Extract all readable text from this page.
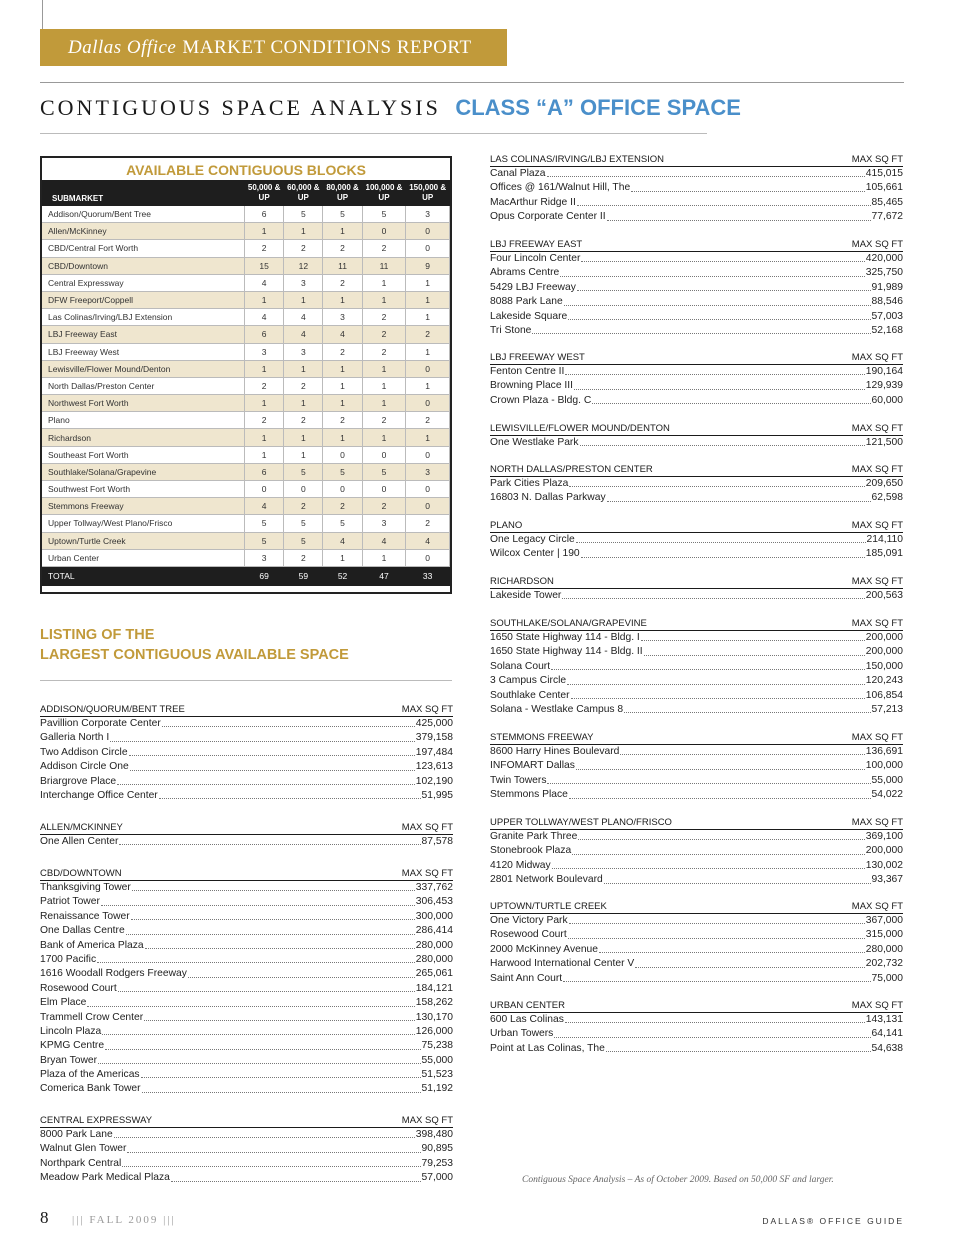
Dallas Office MARKET CONDITIONS REPORT
CONTIGUOUS SPACE ANALYSIS CLASS “A” OFFICE SPACE
AVAILABLE CONTIGUOUS BLOCKS
SUBMARKET	50,000 & UP	60,000 & UP	80,000 & UP	100,000 & UP	150,000 & UP
Addison/Quorum/Bent Tree	6	5	5	5	3
Allen/McKinney	1	1	1	0	0
CBD/Central Fort Worth	2	2	2	2	0
CBD/Downtown	15	12	11	11	9
Central Expressway	4	3	2	1	1
DFW Freeport/Coppell	1	1	1	1	1
Las Colinas/Irving/LBJ Extension	4	4	3	2	1
LBJ Freeway East	6	4	4	2	2
LBJ Freeway West	3	3	2	2	1
Lewisville/Flower Mound/Denton	1	1	1	1	0
North Dallas/Preston Center	2	2	1	1	1
Northwest Fort Worth	1	1	1	1	0
Plano	2	2	2	2	2
Richardson	1	1	1	1	1
Southeast Fort Worth	1	1	0	0	0
Southlake/Solana/Grapevine	6	5	5	5	3
Southwest Fort Worth	0	0	0	0	0
Stemmons Freeway	4	2	2	2	0
Upper Tollway/West Plano/Frisco	5	5	5	3	2
Uptown/Turtle Creek	5	5	4	4	4
Urban Center	3	2	1	1	0
TOTAL	69	59	52	47	33
LISTING OF THE
LARGEST CONTIGUOUS AVAILABLE SPACE
ADDISON/QUORUM/BENT TREE	MAX SQ FT
Pavillion Corporate Center	425,000
Galleria North I	379,158
Two Addison Circle	197,484
Addison Circle One	123,613
Briargrove Place	102,190
Interchange Office Center	51,995
ALLEN/MCKINNEY	MAX SQ FT
One Allen Center	87,578
CBD/DOWNTOWN	MAX SQ FT
Thanksgiving Tower	337,762
Patriot Tower	306,453
Renaissance Tower	300,000
One Dallas Centre	286,414
Bank of America Plaza	280,000
1700 Pacific	280,000
1616 Woodall Rodgers Freeway	265,061
Rosewood Court	184,121
Elm Place	158,262
Trammell Crow Center	130,170
Lincoln Plaza	126,000
KPMG Centre	75,238
Bryan Tower	55,000
Plaza of the Americas	51,523
Comerica Bank Tower	51,192
CENTRAL EXPRESSWAY	MAX SQ FT
8000 Park Lane	398,480
Walnut Glen Tower	90,895
Northpark Central	79,253
Meadow Park Medical Plaza	57,000
LAS COLINAS/IRVING/LBJ EXTENSION	MAX SQ FT
Canal Plaza	415,015
Offices @ 161/Walnut Hill, The	105,661
MacArthur Ridge II	85,465
Opus Corporate Center II	77,672
LBJ FREEWAY EAST	MAX SQ FT
Four Lincoln Center	420,000
Abrams Centre	325,750
5429 LBJ Freeway	91,989
8088 Park Lane	88,546
Lakeside Square	57,003
Tri Stone	52,168
LBJ FREEWAY WEST	MAX SQ FT
Fenton Centre II	190,164
Browning Place III	129,939
Crown Plaza - Bldg. C	60,000
LEWISVILLE/FLOWER MOUND/DENTON	MAX SQ FT
One Westlake Park	121,500
NORTH DALLAS/PRESTON CENTER	MAX SQ FT
Park Cities Plaza	209,650
16803 N. Dallas Parkway	62,598
PLANO	MAX SQ FT
One Legacy Circle	214,110
Wilcox Center | 190	185,091
RICHARDSON	MAX SQ FT
Lakeside Tower	200,563
SOUTHLAKE/SOLANA/GRAPEVINE	MAX SQ FT
1650 State Highway 114 - Bldg. I	200,000
1650 State Highway 114 - Bldg. II	200,000
Solana Court	150,000
3 Campus Circle	120,243
Southlake Center	106,854
Solana - Westlake Campus 8	57,213
STEMMONS FREEWAY	MAX SQ FT
8600 Harry Hines Boulevard	136,691
INFOMART Dallas	100,000
Twin Towers	55,000
Stemmons Place	54,022
UPPER TOLLWAY/WEST PLANO/FRISCO	MAX SQ FT
Granite Park Three	369,100
Stonebrook Plaza	200,000
4120 Midway	130,002
2801 Network Boulevard	93,367
UPTOWN/TURTLE CREEK	MAX SQ FT
One Victory Park	367,000
Rosewood Court	315,000
2000 McKinney Avenue	280,000
Harwood International Center V	202,732
Saint Ann Court	75,000
URBAN CENTER	MAX SQ FT
600 Las Colinas	143,131
Urban Towers	64,141
Point at Las Colinas, The	54,638
Contiguous Space Analysis – As of October 2009. Based on 50,000 SF and larger.
8 ||| FALL 2009 |||	DALLAS® OFFICE GUIDE
